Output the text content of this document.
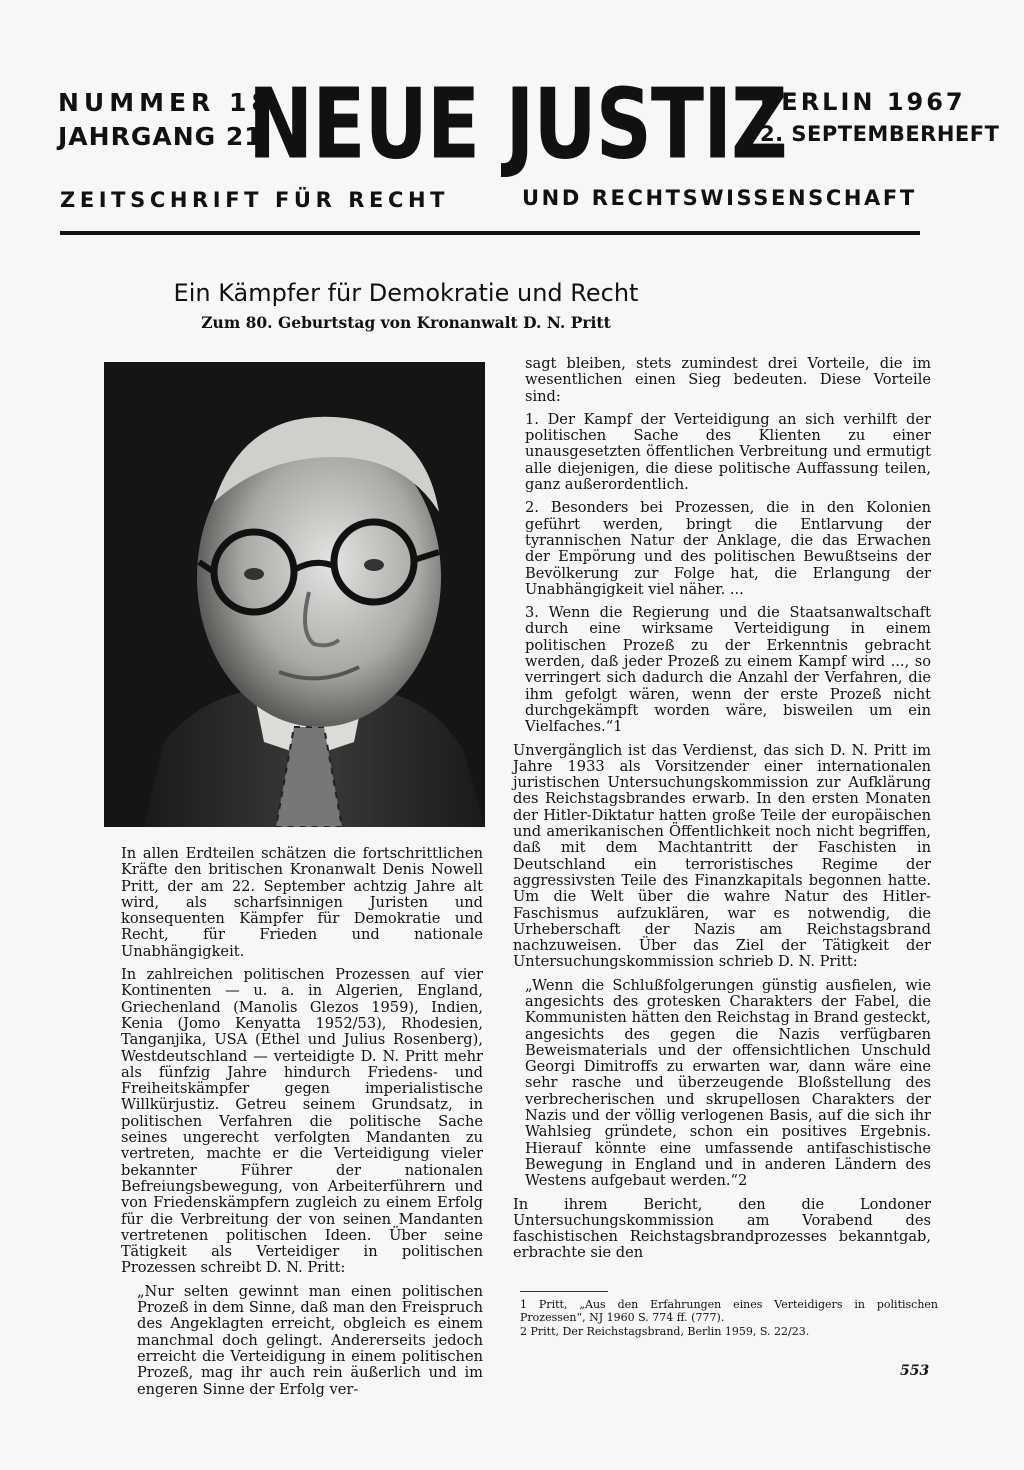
NUMMER 18
JAHRGANG 21
NEUE JUSTIZ
BERLIN 1967
2. SEPTEMBERHEFT
ZEITSCHRIFT FÜR RECHT	UND RECHTSWISSENSCHAFT
Ein Kämpfer für Demokratie und Recht
Zum 80. Geburtstag von Kronanwalt D. N. Pritt

In allen Erdteilen schätzen die fortschrittlichen Kräfte den britischen Kronanwalt Denis Nowell Pritt, der am 22. September achtzig Jahre alt wird, als scharfsinnigen Juristen und konsequenten Kämpfer für Demokratie und Recht, für Frieden und nationale Unabhängigkeit.

In zahlreichen politischen Prozessen auf vier Kontinenten — u. a. in Algerien, England, Griechenland (Manolis Glezos 1959), Indien, Kenia (Jomo Kenyatta 1952/53), Rhodesien, Tanganjika, USA (Ethel und Julius Rosenberg), Westdeutschland — verteidigte D. N. Pritt mehr als fünfzig Jahre hindurch Friedens- und Freiheitskämpfer gegen imperialistische Willkürjustiz. Getreu seinem Grundsatz, in politischen Verfahren die politische Sache seines ungerecht verfolgten Mandanten zu vertreten, machte er die Verteidigung vieler bekannter Führer der nationalen Befreiungsbewegung, von Arbeiterführern und von Friedenskämpfern zugleich zu einem Erfolg für die Verbreitung der von seinen Mandanten vertretenen politischen Ideen. Über seine Tätigkeit als Verteidiger in politischen Prozessen schreibt D. N. Pritt:

„Nur selten gewinnt man einen politischen Prozeß in dem Sinne, daß man den Freispruch des Angeklagten erreicht, obgleich es einem manchmal doch gelingt. Andererseits jedoch erreicht die Verteidigung in einem politischen Prozeß, mag ihr auch rein äußerlich und im engeren Sinne der Erfolg ver-

sagt bleiben, stets zumindest drei Vorteile, die im wesentlichen einen Sieg bedeuten. Diese Vorteile sind:

1. Der Kampf der Verteidigung an sich verhilft der politischen Sache des Klienten zu einer unausgesetzten öffentlichen Verbreitung und ermutigt alle diejenigen, die diese politische Auffassung teilen, ganz außerordentlich.

2. Besonders bei Prozessen, die in den Kolonien geführt werden, bringt die Entlarvung der tyrannischen Natur der Anklage, die das Erwachen der Empörung und des politischen Bewußtseins der Bevölkerung zur Folge hat, die Erlangung der Unabhängigkeit viel näher. ...

3. Wenn die Regierung und die Staatsanwaltschaft durch eine wirksame Verteidigung in einem politischen Prozeß zu der Erkenntnis gebracht werden, daß jeder Prozeß zu einem Kampf wird ..., so verringert sich dadurch die Anzahl der Verfahren, die ihm gefolgt wären, wenn der erste Prozeß nicht durchgekämpft worden wäre, bisweilen um ein Vielfaches.“1

Unvergänglich ist das Verdienst, das sich D. N. Pritt im Jahre 1933 als Vorsitzender einer internationalen juristischen Untersuchungskommission zur Aufklärung des Reichstagsbrandes erwarb. In den ersten Monaten der Hitler-Diktatur hatten große Teile der europäischen und amerikanischen Öffentlichkeit noch nicht begriffen, daß mit dem Machtantritt der Faschisten in Deutschland ein terroristisches Regime der aggressivsten Teile des Finanzkapitals begonnen hatte. Um die Welt über die wahre Natur des Hitler-Faschismus aufzuklären, war es notwendig, die Urheberschaft der Nazis am Reichstagsbrand nachzuweisen. Über das Ziel der Tätigkeit der Untersuchungskommission schrieb D. N. Pritt:

„Wenn die Schlußfolgerungen günstig ausfielen, wie angesichts des grotesken Charakters der Fabel, die Kommunisten hätten den Reichstag in Brand gesteckt, angesichts des gegen die Nazis verfügbaren Beweismaterials und der offensichtlichen Unschuld Georgi Dimitroffs zu erwarten war, dann wäre eine sehr rasche und überzeugende Bloßstellung des verbrecherischen und skrupellosen Charakters der Nazis und der völlig verlogenen Basis, auf die sich ihr Wahlsieg gründete, schon ein positives Ergebnis. Hierauf könnte eine umfassende antifaschistische Bewegung in England und in anderen Ländern des Westens aufgebaut werden.“2

In ihrem Bericht, den die Londoner Untersuchungskommission am Vorabend des faschistischen Reichstagsbrandprozesses bekanntgab, erbrachte sie den

1 Pritt, „Aus den Erfahrungen eines Verteidigers in politischen Prozessen“, NJ 1960 S. 774 ff. (777).

2 Pritt, Der Reichstagsbrand, Berlin 1959, S. 22/23.

553
